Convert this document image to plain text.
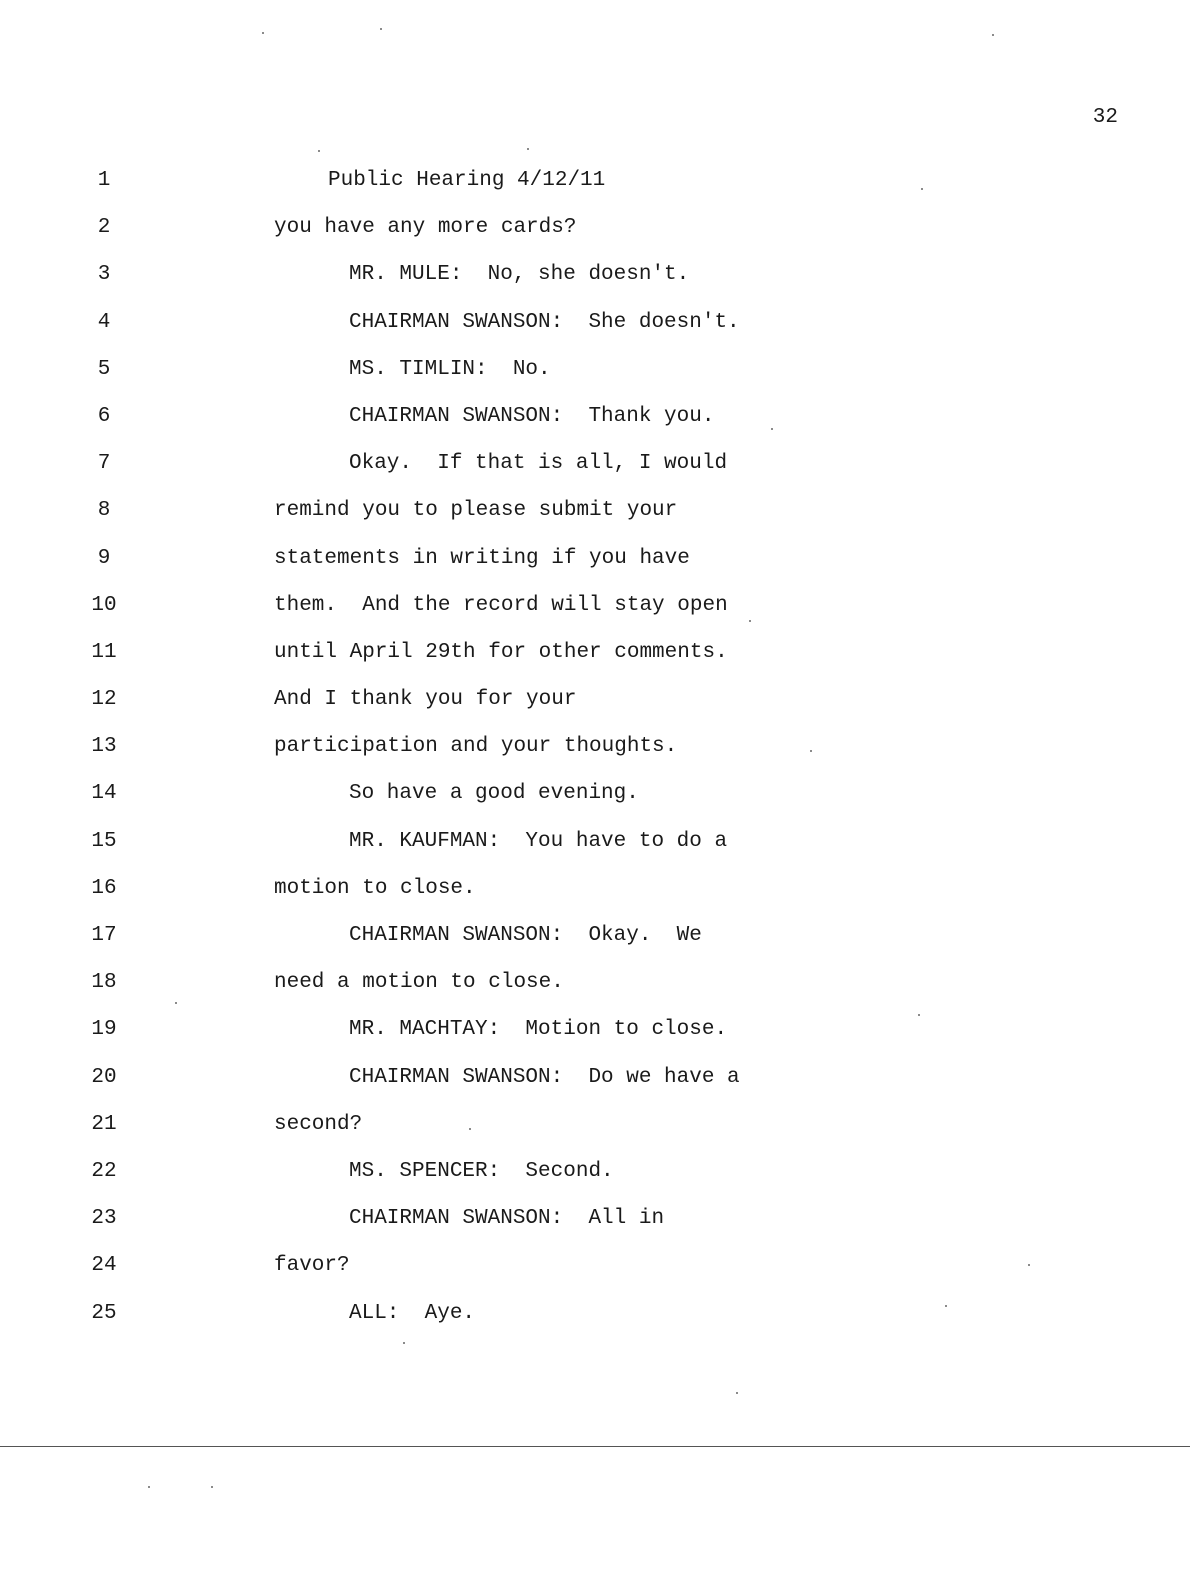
32
1	Public Hearing 4/12/11
2	you have any more cards?
3	MR. MULE:  No, she doesn't.
4	CHAIRMAN SWANSON:  She doesn't.
5	MS. TIMLIN:  No.
6	CHAIRMAN SWANSON:  Thank you.
7	Okay.  If that is all, I would
8	remind you to please submit your
9	statements in writing if you have
10	them.  And the record will stay open
11	until April 29th for other comments.
12	And I thank you for your
13	participation and your thoughts.
14	So have a good evening.
15	MR. KAUFMAN:  You have to do a
16	motion to close.
17	CHAIRMAN SWANSON:  Okay.  We
18	need a motion to close.
19	MR. MACHTAY:  Motion to close.
20	CHAIRMAN SWANSON:  Do we have a
21	second?
22	MS. SPENCER:  Second.
23	CHAIRMAN SWANSON:  All in
24	favor?
25	ALL:  Aye.
